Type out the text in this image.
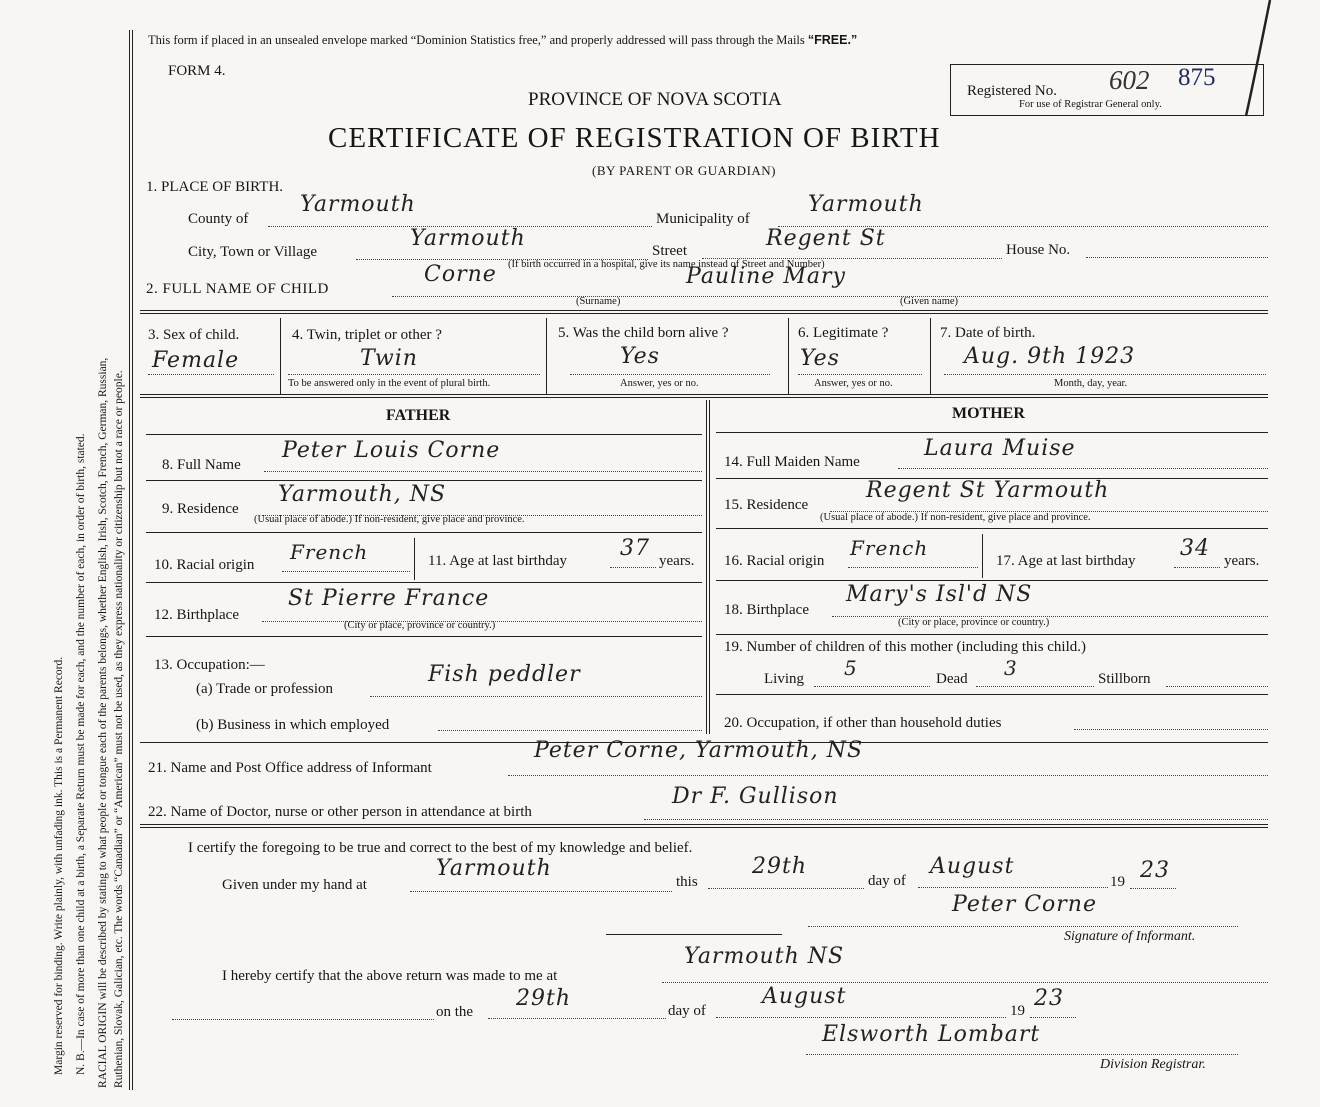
Margin reserved for binding. Write plainly, with unfading ink. This is a Permanent Record. N. B.—In case of more than one child at a birth, a Separate Return must be made for each, and the number of each, in order of birth, stated. RACIAL ORIGIN will be described by stating to what people or tongue each of the parents belongs, whether English, Irish, Scotch, French, German, Russian, Ruthenian, Slovak, Galician, etc. The words “Canadian” or “American” must not be used, as they express nationality or citizenship but not a race or people.
This form if placed in an unsealed envelope marked “Dominion Statistics free,” and properly addressed will pass through the Mails “FREE.”
FORM 4.
PROVINCE OF NOVA SCOTIA
CERTIFICATE OF REGISTRATION OF BIRTH
(BY PARENT OR GUARDIAN)
Registered No. 602 875
For use of Registrar General only.
1. PLACE OF BIRTH.
County of
Yarmouth
Municipality of
Yarmouth
City, Town or Village
Yarmouth	Street	Regent St	House No.
(If birth occurred in a hospital, give its name instead of Street and Number)
2. FULL NAME OF CHILD
Corne
(Surname)
Pauline Mary
(Given name)
3. Sex of child.
Female
4. Twin, triplet or other ?
Twin
To be answered only in the event of plural birth.
5. Was the child born alive ?
Yes
Answer, yes or no.
6. Legitimate ?
Yes
Answer, yes or no.
7. Date of birth.
Aug. 9th 1923
Month, day, year.
FATHER	MOTHER
8. Full Name
Peter Louis Corne
9. Residence
Yarmouth, NS
(Usual place of abode.) If non-resident, give place and province.
10. Racial origin
French	11. Age at last birthday 37 years.
12. Birthplace
St Pierre France
(City or place, province or country.)
13. Occupation:—
(a) Trade or profession
Fish peddler
(b) Business in which employed
14. Full Maiden Name
Laura Muise
15. Residence
Regent St Yarmouth
(Usual place of abode.) If non-resident, give place and province.
16. Racial origin
French
17. Age at last birthday 34 years.
18. Birthplace
Mary's Isl'd NS
(City or place, province or country.)
19. Number of children of this mother (including this child.)
Living 5	Dead 3	Stillborn
20. Occupation, if other than household duties
21. Name and Post Office address of Informant
Peter Corne, Yarmouth, NS
22. Name of Doctor, nurse or other person in attendance at birth
Dr F. Gullison
I certify the foregoing to be true and correct to the best of my knowledge and belief.
Given under my hand at
Yarmouth
this
29th
day of
August
19 23
Peter Corne
Signature of Informant.
I hereby certify that the above return was made to me at
Yarmouth NS
on the
29th	day of
August
19 23
Elsworth Lombart
Division Registrar.
